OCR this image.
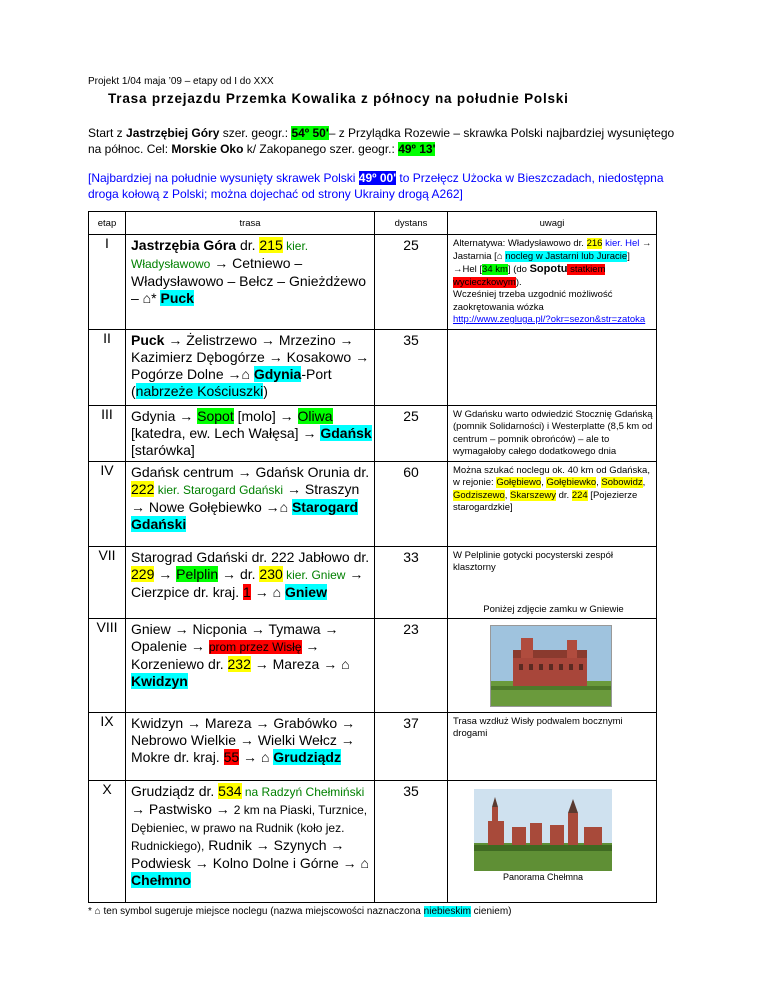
Projekt 1/04 maja ’09 – etapy od I do XXX

Trasa przejazdu Przemka Kowalika z północy na południe Polski

Start z Jastrzębiej Góry szer. geogr.: 54º 50'– z Przylądka Rozewie – skrawka Polski najbardziej wysuniętego na północ. Cel: Morskie Oko k/ Zakopanego szer. geogr.: 49º 13'

[Najbardziej na południe wysunięty skrawek Polski 49º 00' to Przełęcz Użocka w Bieszczadach, niedostępna droga kołową z Polski; można dojechać od strony Ukrainy drogą A262]

etap	trasa	dystans	uwagi
I	Jastrzębia Góra dr. 215 kier. Władysławowo → Cetniewo – Władysławowo – Bełcz – Gnieżdżewo – ⌂* Puck	25	Alternatywa: Władysławowo dr. 216 kier. Hel → Jastarnia [⌂ nocleg w Jastarni lub Juracie] →Hel [34 km] (do Sopotu statkiem wycieczkowym).
Wcześniej trzeba uzgodnić możliwość zaokrętowania wózka
http://www.zegluga.pl/?okr=sezon&str=zatoka
II	Puck → Żelistrzewo → Mrzezino → Kazimierz Dębogórze → Kosakowo → Pogórze Dolne →⌂ Gdynia-Port (nabrzeże Kościuszki)	35	
III	Gdynia → Sopot [molo] → Oliwa [katedra, ew. Lech Wałęsa] → Gdańsk [starówka]	25	W Gdańsku warto odwiedzić Stocznię Gdańską (pomnik Solidarności) i Westerplatte (8,5 km od centrum – pomnik obrońców) – ale to wymagałoby całego dodatkowego dnia
IV	Gdańsk centrum → Gdańsk Orunia dr. 222 kier. Starogard Gdański → Straszyn → Nowe Gołębiewko →⌂ Starogard Gdański	60	Można szukać noclegu ok. 40 km od Gdańska, w rejonie: Gołębiewo, Gołębiewko, Sobowidz, Godziszewo, Skarszewy dr. 224 [Pojezierze starogardzkie]
VII	Starograd Gdański dr. 222 Jabłowo dr. 229 → Pelplin → dr. 230 kier. Gniew → Cierzpice dr. kraj. 1 → ⌂ Gniew	33	W Pelplinie gotycki pocysterski zespół klasztorny
Poniżej zdjęcie zamku w Gniewie

VIII	Gniew → Nicponia → Tymawa → Opalenie → prom przez Wisłę → Korzeniewo dr. 232 → Mareza → ⌂ Kwidzyn	23	
IX	Kwidzyn → Mareza → Grabówko → Nebrowo Wielkie → Wielki Wełcz → Mokre dr. kraj. 55 → ⌂ Grudziądz	37	Trasa wzdłuż Wisły podwalem bocznymi drogami
X	Grudziądz dr. 534 na Radzyń Chełmiński → Pastwisko → 2 km na Piaski, Turznice, Dębieniec, w prawo na Rudnik (koło jez. Rudnickiego), Rudnik → Szynych → Podwiesk → Kolno Dolne i Górne → ⌂ Chełmno	35	Panorama Chełmna

* ⌂ ten symbol sugeruje miejsce noclegu (nazwa miejscowości naznaczona niebieskim cieniem)
